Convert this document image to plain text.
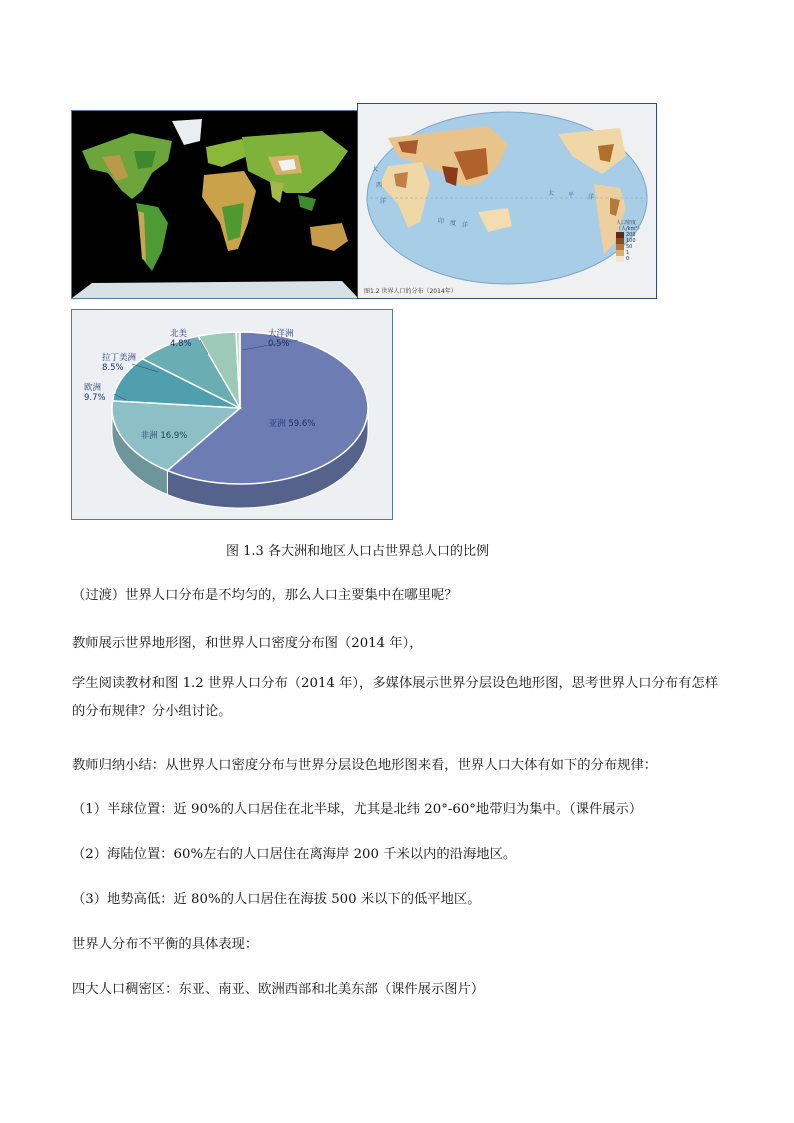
太 平 洋
大
西
洋
印 度 洋	人口密度（人/km²）
200
100
50
1
0
图1.2 世界人口的分布（2014年）
亚洲 59.6%
非洲 16.9%
欧洲 9.7%
拉丁美洲 8.5%
北美 4.8%
大洋洲 0.5%
图 1.3 各大洲和地区人口占世界总人口的比例
（过渡）世界人口分布是不均匀的，那么人口主要集中在哪里呢？
教师展示世界地形图，和世界人口密度分布图（2014 年），
学生阅读教材和图 1.2 世界人口分布（2014 年），多媒体展示世界分层设色地形图，思考世界人口分布有怎样的分布规律？分小组讨论。
教师归纳小结：从世界人口密度分布与世界分层设色地形图来看，世界人口大体有如下的分布规律：
（1）半球位置：近 90%的人口居住在北半球，尤其是北纬 20°-60°地带归为集中。（课件展示）
（2）海陆位置：60%左右的人口居住在离海岸 200 千米以内的沿海地区。
（3）地势高低：近 80%的人口居住在海拔 500 米以下的低平地区。
世界人分布不平衡的具体表现：
四大人口稠密区：东亚、南亚、欧洲西部和北美东部（课件展示图片）
